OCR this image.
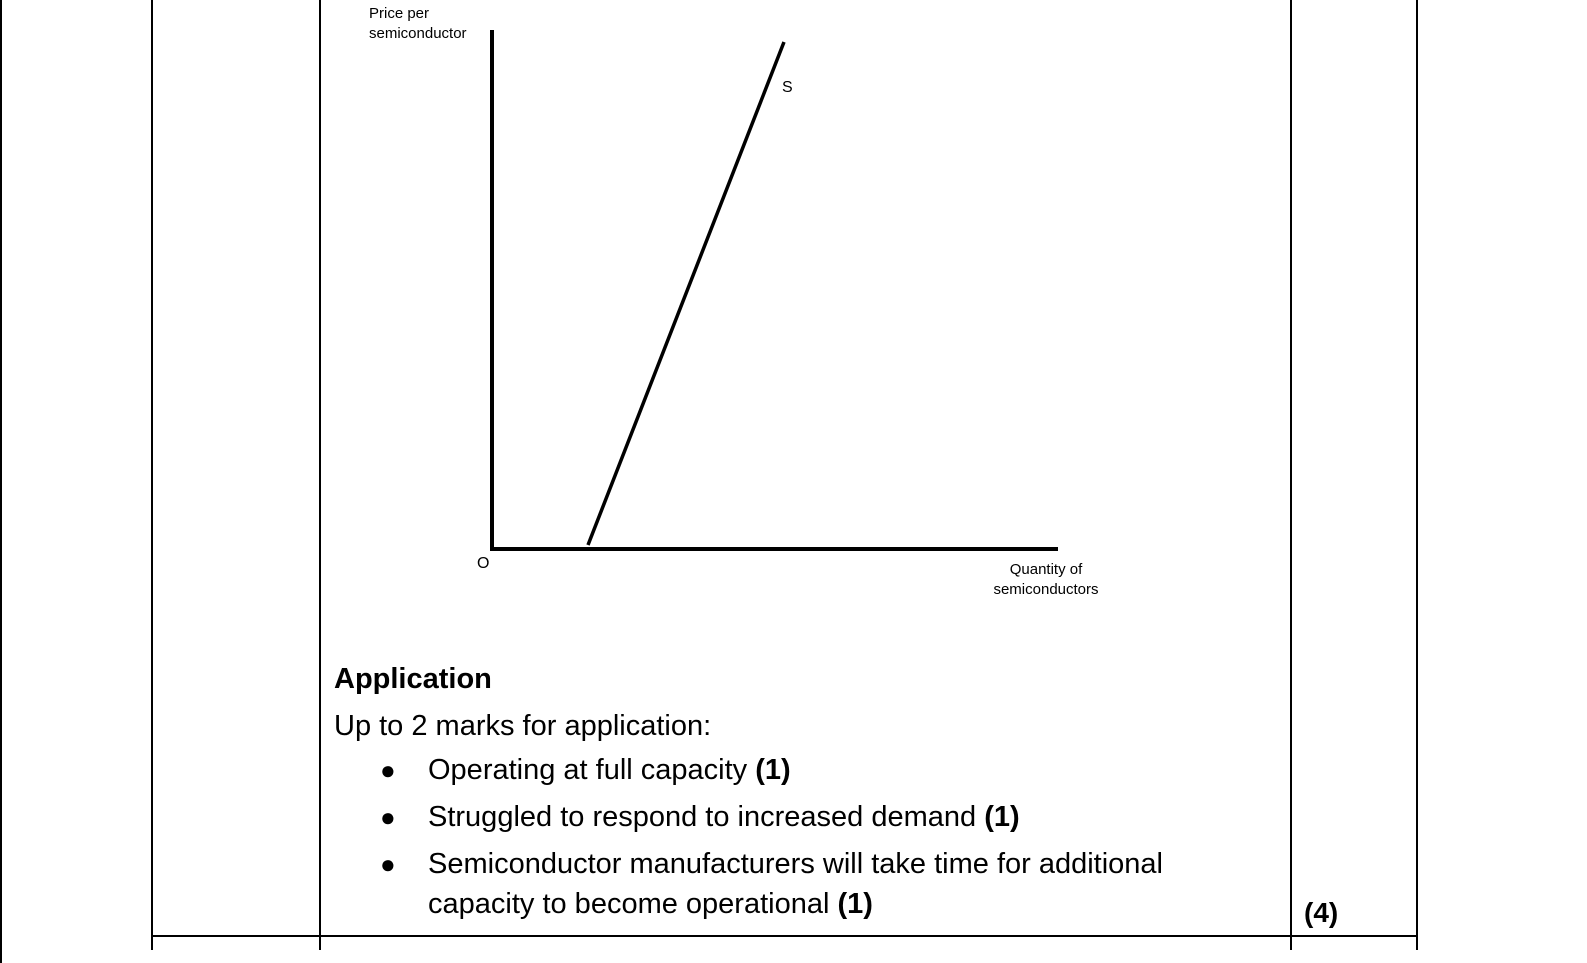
Price per
semiconductor
Quantity of
semiconductors
O
S

Application

Up to 2 marks for application:

● Operating at full capacity (1)
● Struggled to respond to increased demand (1)
● Semiconductor manufacturers will take time for additional capacity to become operational (1)	(4)
